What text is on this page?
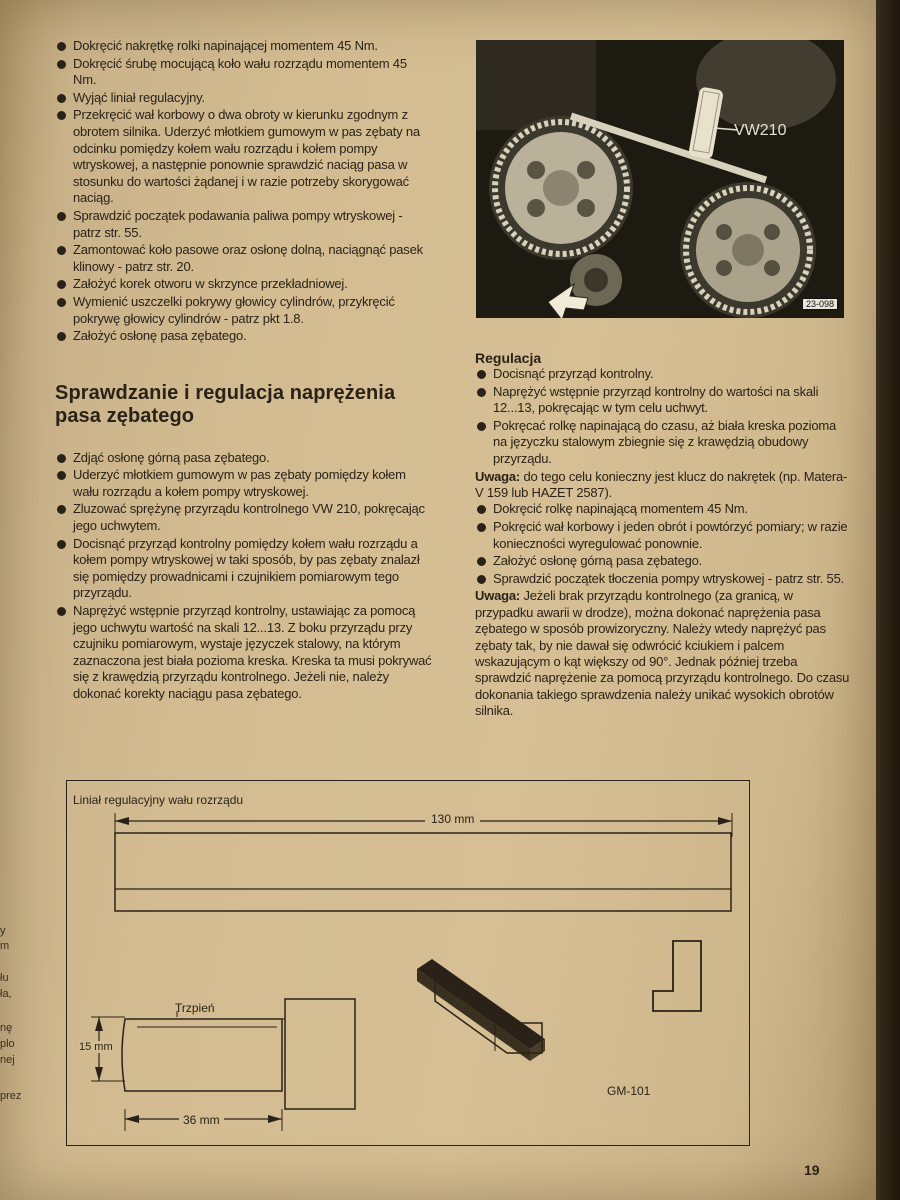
y
m
łu
ła,
nę
plo
nej
prez
Dokręcić nakrętkę rolki napinającej momentem 45 Nm.
Dokręcić śrubę mocującą koło wału rozrządu momentem 45 Nm.
Wyjąć liniał regulacyjny.
Przekręcić wał korbowy o dwa obroty w kierunku zgodnym z obrotem silnika. Uderzyć młotkiem gumowym w pas zębaty na odcinku pomiędzy kołem wału rozrządu i kołem pompy wtryskowej, a następnie ponownie sprawdzić naciąg pasa w stosunku do wartości żądanej i w razie potrzeby skorygować naciąg.
Sprawdzić początek podawania paliwa pompy wtryskowej - patrz str. 55.
Zamontować koło pasowe oraz osłonę dolną, naciągnąć pasek klinowy - patrz str. 20.
Założyć korek otworu w skrzynce przekładniowej.
Wymienić uszczelki pokrywy głowicy cylindrów, przykręcić pokrywę głowicy cylindrów - patrz pkt 1.8.
Założyć osłonę pasa zębatego.
Sprawdzanie i regulacja naprężenia pasa zębatego
Zdjąć osłonę górną pasa zębatego.
Uderzyć młotkiem gumowym w pas zębaty pomiędzy kołem wału rozrządu a kołem pompy wtryskowej.
Zluzować sprężynę przyrządu kontrolnego VW 210, pokręcając jego uchwytem.
Docisnąć przyrząd kontrolny pomiędzy kołem wału rozrządu a kołem pompy wtryskowej w taki sposób, by pas zębaty znalazł się pomiędzy prowadnicami i czujnikiem pomiarowym tego przyrządu.
Naprężyć wstępnie przyrząd kontrolny, ustawiając za pomocą jego uchwytu wartość na skali 12...13. Z boku przyrządu przy czujniku pomiarowym, wystaje języczek stalowy, na którym zaznaczona jest biała pozioma kreska. Kreska ta musi pokrywać się z krawędzią przyrządu kontrolnego. Jeżeli nie, należy dokonać korekty naciągu pasa zębatego.
VW210
23-098
Regulacja
Docisnąć przyrząd kontrolny.
Naprężyć wstępnie przyrząd kontrolny do wartości na skali 12...13, pokręcając w tym celu uchwyt.
Pokręcać rolkę napinającą do czasu, aż biała kreska pozioma na języczku stalowym zbiegnie się z krawędzią obudowy przyrządu.
Uwaga: do tego celu konieczny jest klucz do nakrętek (np. Matera-V 159 lub HAZET 2587).
Dokręcić rolkę napinającą momentem 45 Nm.
Pokręcić wał korbowy i jeden obrót i powtórzyć pomiary; w razie konieczności wyregulować ponownie.
Założyć osłonę górną pasa zębatego.
Sprawdzić początek tłoczenia pompy wtryskowej - patrz str. 55.
Uwaga: Jeżeli brak przyrządu kontrolnego (za granicą, w przypadku awarii w drodze), można dokonać naprężenia pasa zębatego w sposób prowizoryczny. Należy wtedy naprężyć pas zębaty tak, by nie dawał się odwrócić kciukiem i palcem wskazującym o kąt większy od 90°. Jednak później trzeba sprawdzić naprężenie za pomocą przyrządu kontrolnego. Do czasu dokonania takiego sprawdzenia należy unikać wysokich obrotów silnika.
Liniał regulacyjny wału rozrządu
130 mm
Trzpień
15 mm
36 mm
GM-101
19
